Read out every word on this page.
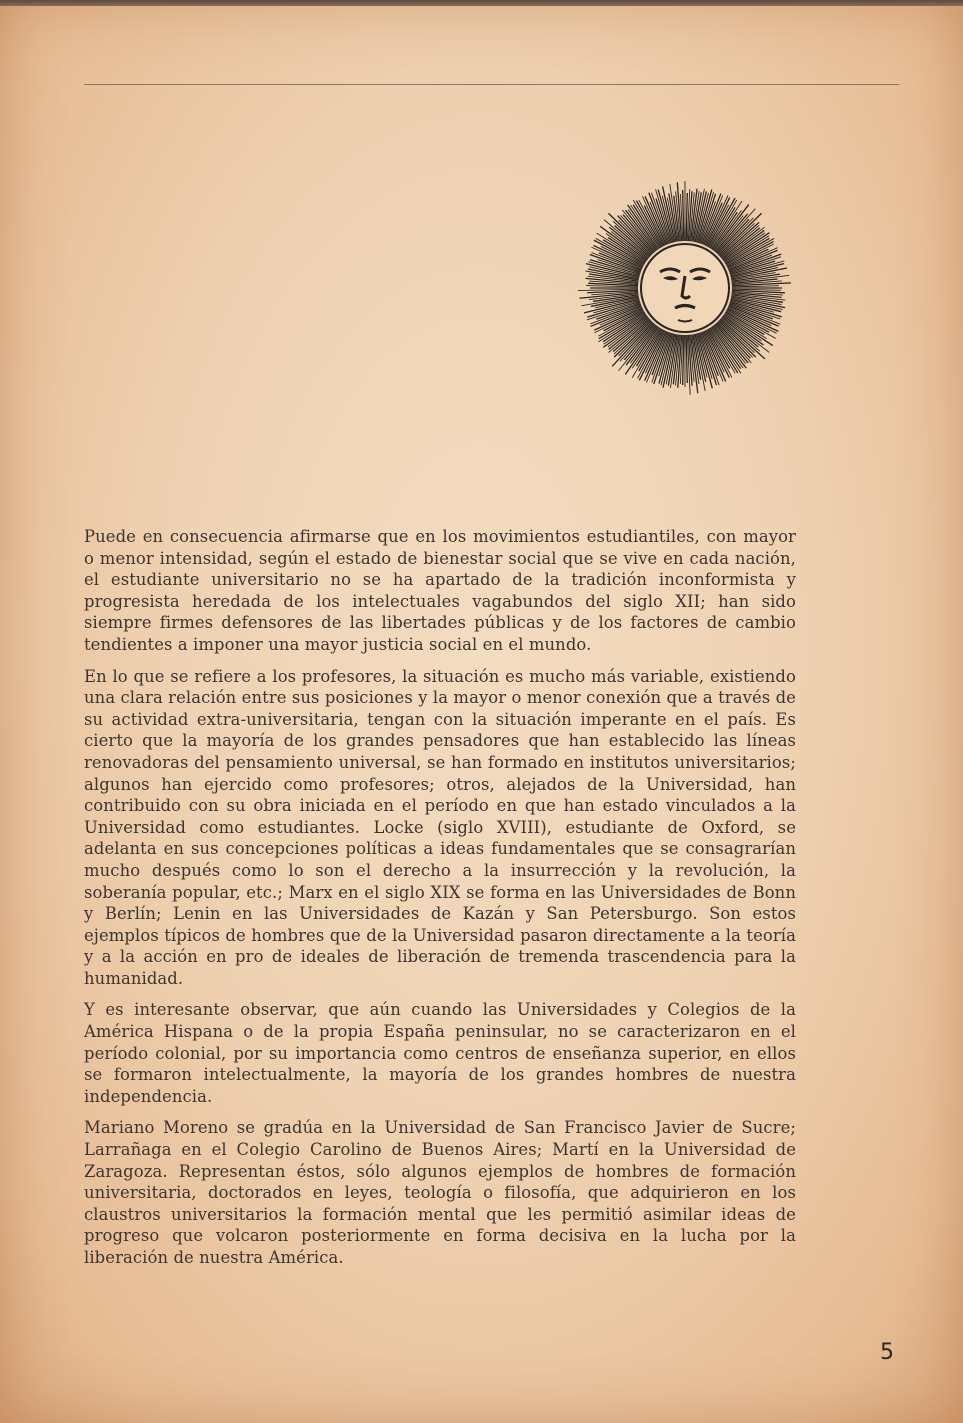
Puede en consecuencia afirmarse que en los movimientos estudiantiles, con mayor o menor intensidad, según el estado de bienestar social que se vive en cada nación, el estudiante universitario no se ha apartado de la tradición inconformista y progresista heredada de los intelectuales vagabundos del siglo XII; han sido siempre firmes defensores de las libertades públicas y de los factores de cambio tendientes a imponer una mayor justicia social en el mundo.

En lo que se refiere a los profesores, la situación es mucho más variable, existiendo una clara relación entre sus posiciones y la mayor o menor conexión que a través de su actividad extra-universitaria, tengan con la situación imperante en el país. Es cierto que la mayoría de los grandes pensadores que han establecido las líneas renovadoras del pensamiento universal, se han formado en institutos universitarios; algunos han ejercido como profesores; otros, alejados de la Universidad, han contribuido con su obra iniciada en el período en que han estado vinculados a la Universidad como estudiantes. Locke (siglo XVIII), estudiante de Oxford, se adelanta en sus concepciones políticas a ideas fundamentales que se consagrarían mucho después como lo son el derecho a la insurrección y la revolución, la soberanía popular, etc.; Marx en el siglo XIX se forma en las Universidades de Bonn y Berlín; Lenin en las Universidades de Kazán y San Petersburgo. Son estos ejemplos típicos de hombres que de la Universidad pasaron directamente a la teoría y a la acción en pro de ideales de liberación de tremenda trascendencia para la humanidad.

Y es interesante observar, que aún cuando las Universidades y Colegios de la América Hispana o de la propia España peninsular, no se caracterizaron en el período colonial, por su importancia como centros de enseñanza superior, en ellos se formaron intelectualmente, la mayoría de los grandes hombres de nuestra independencia.

Mariano Moreno se gradúa en la Universidad de San Francisco Javier de Sucre; Larrañaga en el Colegio Carolino de Buenos Aires; Martí en la Universidad de Zaragoza. Representan éstos, sólo algunos ejemplos de hombres de formación universitaria, doctorados en leyes, teología o filosofía, que adquirieron en los claustros universitarios la formación mental que les permitió asimilar ideas de progreso que volcaron posteriormente en forma decisiva en la lucha por la liberación de nuestra América.

5
